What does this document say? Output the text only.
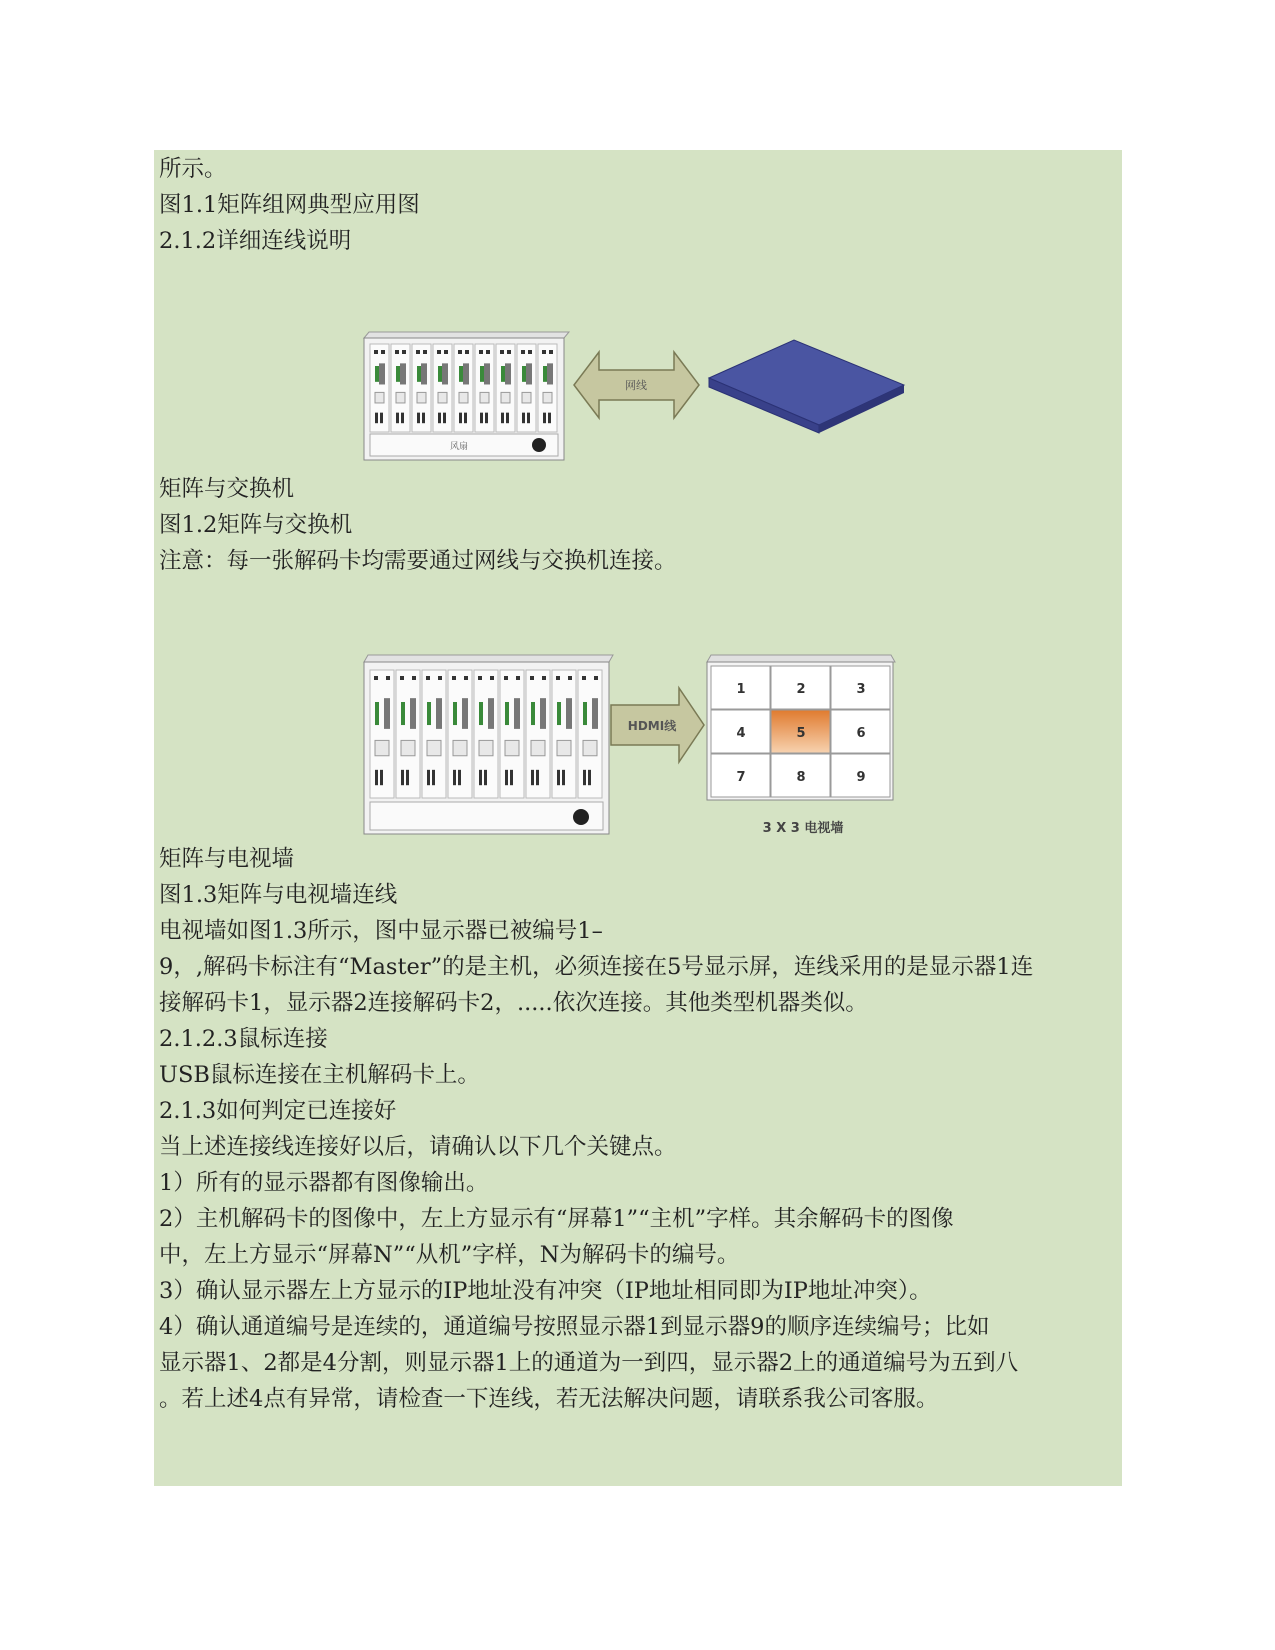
所示。
图1.1矩阵组网典型应用图
2.1.2详细连线说明
风扇
网线
矩阵与交换机
图1.2矩阵与交换机
注意：每一张解码卡均需要通过网线与交换机连接。
HDMI线
1	2	3
4	5	6
7	8	9
3 X 3 电视墙
矩阵与电视墙
图1.3矩阵与电视墙连线
电视墙如图1.3所示，图中显示器已被编号1–
9，,解码卡标注有“Master”的是主机，必须连接在5号显示屏，连线采用的是显示器1连
接解码卡1，显示器2连接解码卡2，.....依次连接。其他类型机器类似。
2.1.2.3鼠标连接
USB鼠标连接在主机解码卡上。
2.1.3如何判定已连接好
当上述连接线连接好以后，请确认以下几个关键点。
1）所有的显示器都有图像输出。
2）主机解码卡的图像中，左上方显示有“屏幕1”“主机”字样。其余解码卡的图像
中，左上方显示“屏幕N”“从机”字样，N为解码卡的编号。
3）确认显示器左上方显示的IP地址没有冲突（IP地址相同即为IP地址冲突）。
4）确认通道编号是连续的，通道编号按照显示器1到显示器9的顺序连续编号；比如
显示器1、2都是4分割，则显示器1上的通道为一到四，显示器2上的通道编号为五到八
。若上述4点有异常，请检查一下连线，若无法解决问题，请联系我公司客服。
